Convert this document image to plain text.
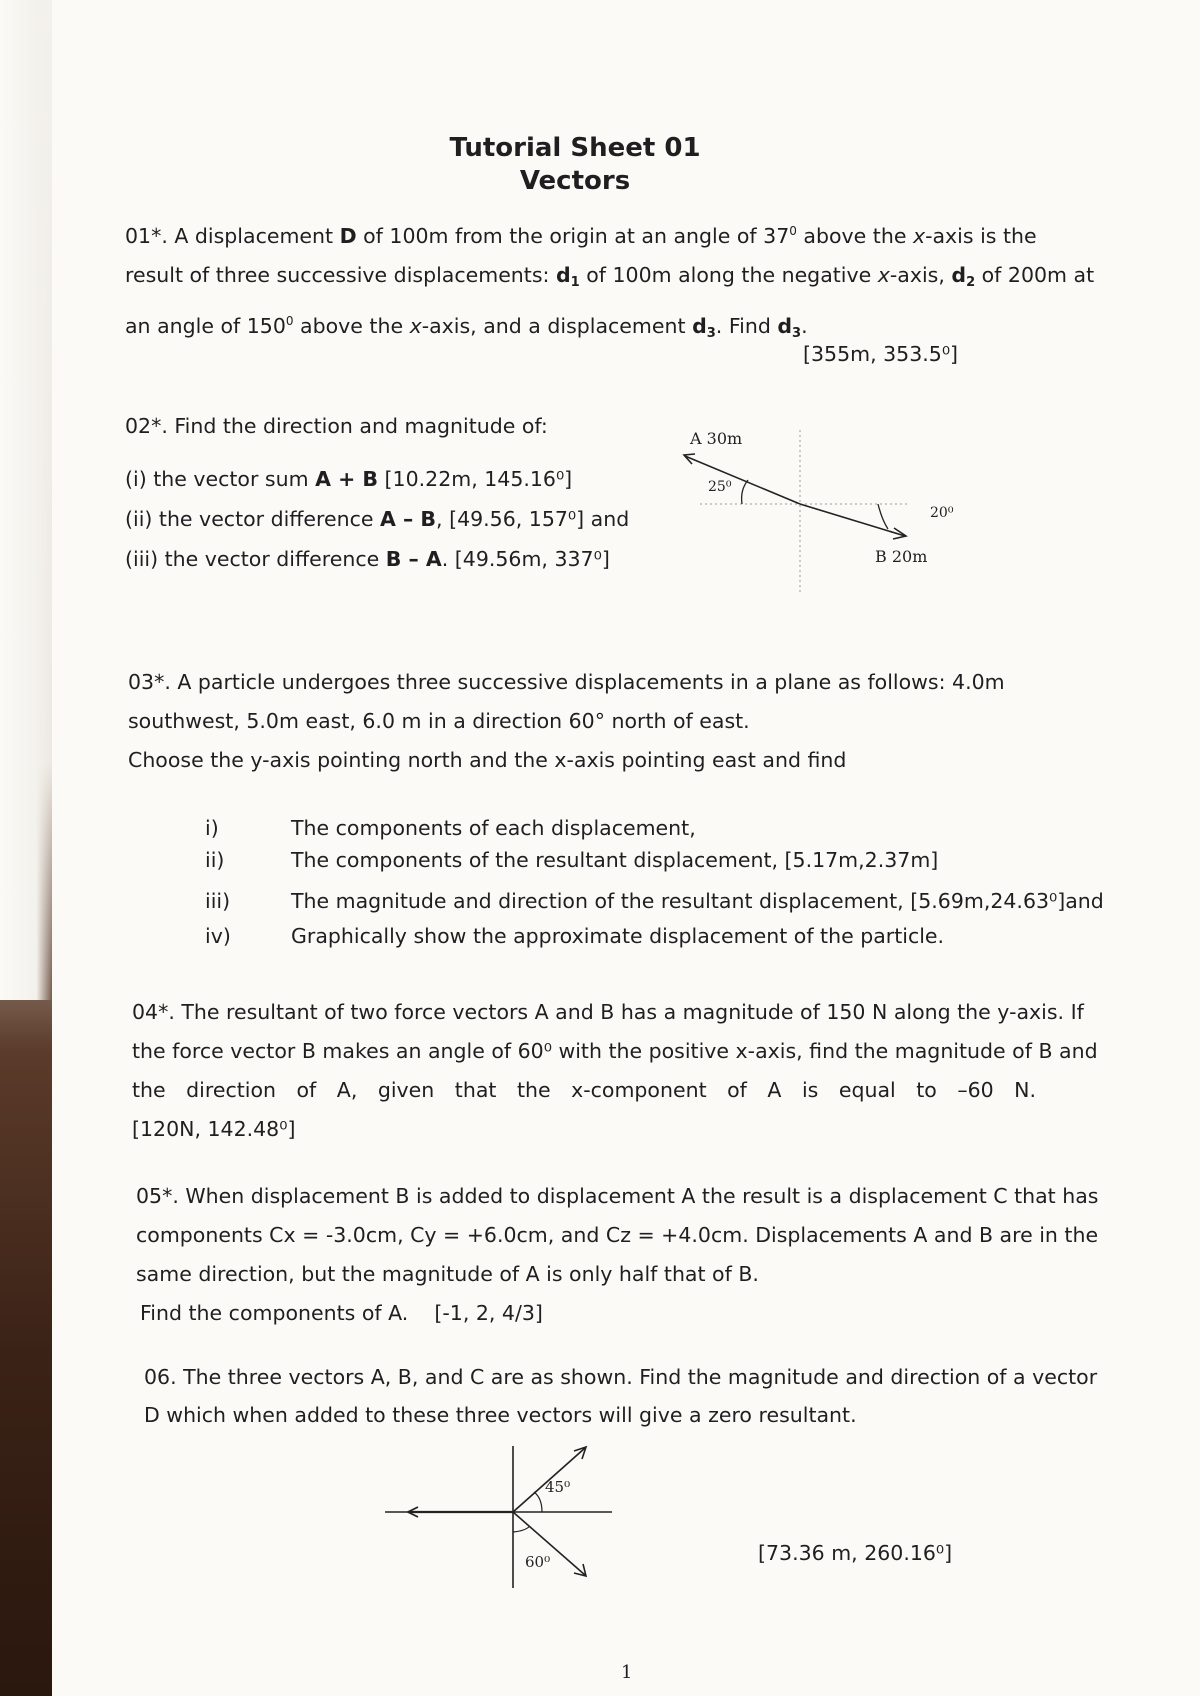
Tutorial Sheet 01
Vectors
01*. A displacement D of 100m from the origin at an angle of $37^0$ above the x-axis is the
result of three successive displacements: $d_1$ of 100m along the negative x-axis, $d_2$ of 200m at
an angle of $150^0$ above the x-axis, and a displacement $d_3$. Find $d_3$.
[355m, 353.5⁰]
02*. Find the direction and magnitude of:
(i) the vector sum A + B [10.22m, 145.16⁰]
(ii) the vector difference A – B, [49.56, 157⁰] and
(iii) the vector difference B – A. [49.56m, 337⁰]
A 30m
25⁰
20⁰
B 20m
03*. A particle undergoes three successive displacements in a plane as follows: 4.0m
southwest, 5.0m east, 6.0 m in a direction 60° north of east.
Choose the y-axis pointing north and the x-axis pointing east and find
i)	The components of each displacement,
ii)	The components of the resultant displacement, [5.17m,2.37m]
iii)	The magnitude and direction of the resultant displacement, [5.69m,24.63⁰]and
iv)	Graphically show the approximate displacement of the particle.
04*. The resultant of two force vectors A and B has a magnitude of 150 N along the y-axis. If
the force vector B makes an angle of 60⁰ with the positive x-axis, find the magnitude of B and
the direction of A, given that the x-component of A is equal to –60 N.
[120N, 142.48⁰]
05*. When displacement B is added to displacement A the result is a displacement C that has
components Cx = -3.0cm, Cy = +6.0cm, and Cz = +4.0cm. Displacements A and B are in the
same direction, but the magnitude of A is only half that of B.
Find the components of A. [-1, 2, 4/3]
06. The three vectors A, B, and C are as shown. Find the magnitude and direction of a vector
D which when added to these three vectors will give a zero resultant.
45⁰
60⁰	[73.36 m, 260.16⁰]
1
